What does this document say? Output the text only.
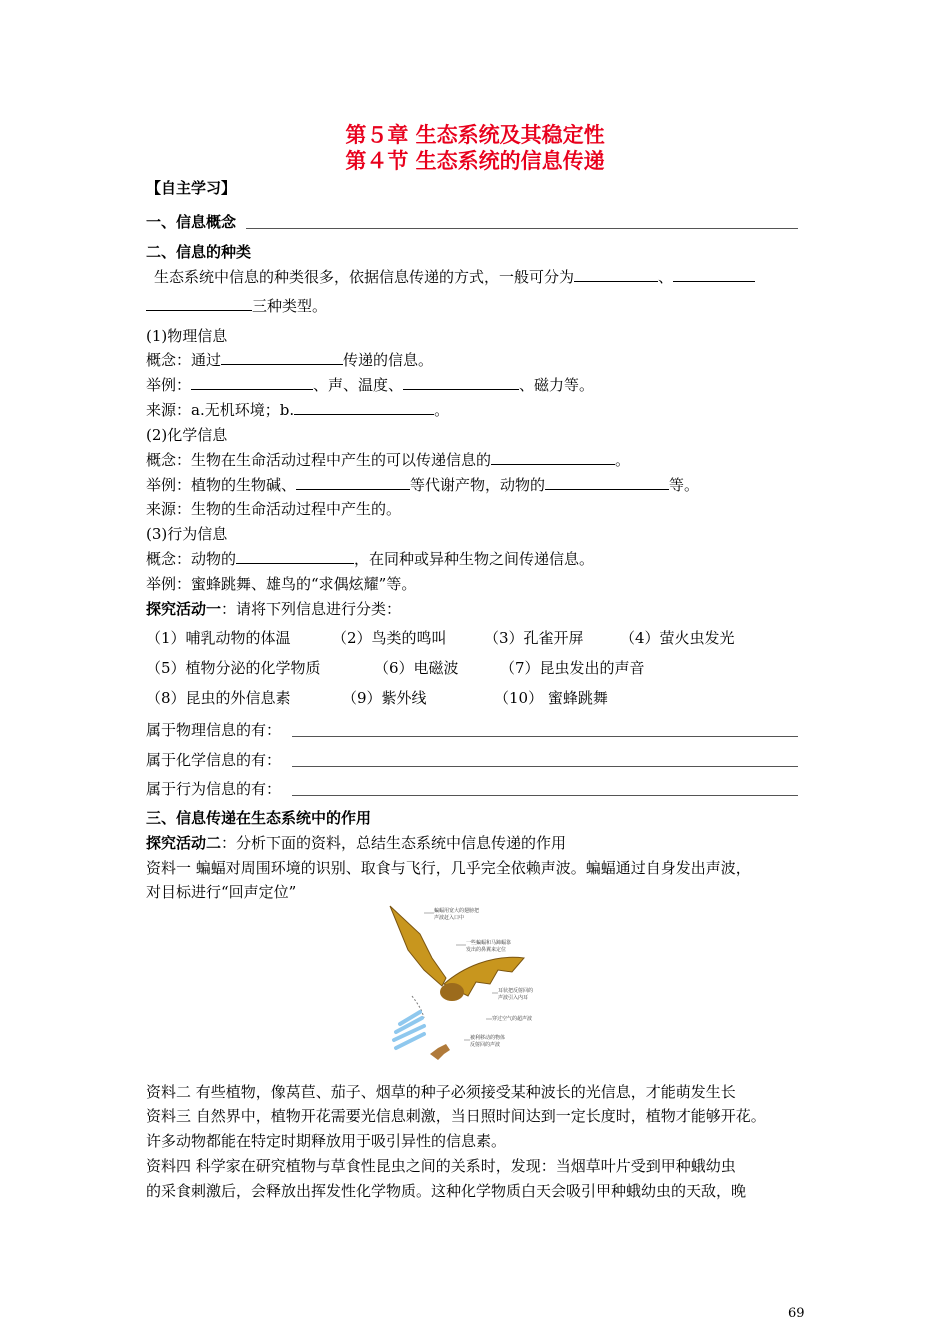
第５章 生态系统及其稳定性
第４节 生态系统的信息传递
【自主学习】
一、信息概念
二、信息的种类
生态系统中信息的种类很多，依据信息传递的方式，一般可分为	、
三种类型。
(1)物理信息
概念：通过	传递的信息。
举例：	、声、温度、	、磁力等。
来源：a.无机环境；b.	。
(2)化学信息
概念：生物在生命活动过程中产生的可以传递信息的	。
举例：植物的生物碱、	等代谢产物，动物的	等。
来源：生物的生命活动过程中产生的。
(3)行为信息
概念：动物的	，在同种或异种生物之间传递信息。
举例：蜜蜂跳舞、雄鸟的“求偶炫耀”等。
探究活动一：请将下列信息进行分类：
（1）哺乳动物的体温	（2）鸟类的鸣叫 （3）孔雀开屏 （4）萤火虫发光
（5）植物分泌的化学物质	（6）电磁波	（7）昆虫发出的声音
（8）昆虫的外信息素	（9）紫外线	（10） 蜜蜂跳舞
属于物理信息的有：
属于化学信息的有：
属于行为信息的有：
三、信息传递在生态系统中的作用
探究活动二：分析下面的资料，总结生态系统中信息传递的作用
资料一 蝙蝠对周围环境的识别、取食与飞行，几乎完全依赖声波。蝙蝠通过自身发出声波，
对目标进行“回声定位”
蝙蝠用宽大的翅膀把
声波赶入口中
一些蝙蝠和马蹄蝠靠
发出的鼻翼来定位
耳状把反射回的
声波引入内耳
穿过空气的超声波
被利移动的物体
反射回的声波
资料二 有些植物，像莴苣、茄子、烟草的种子必须接受某种波长的光信息，才能萌发生长
资料三 自然界中，植物开花需要光信息刺激，当日照时间达到一定长度时，植物才能够开花。
许多动物都能在特定时期释放用于吸引异性的信息素。
资料四 科学家在研究植物与草食性昆虫之间的关系时，发现：当烟草叶片受到甲种蛾幼虫
的采食刺激后，会释放出挥发性化学物质。这种化学物质白天会吸引甲种蛾幼虫的天敌，晚
69
